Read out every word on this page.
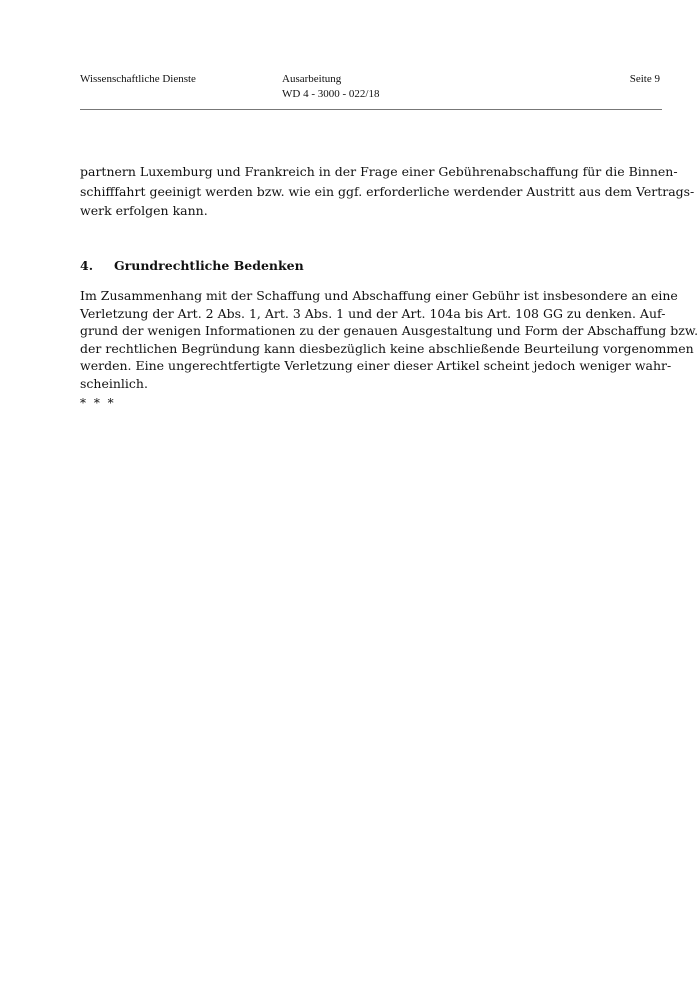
Wissenschaftliche Dienste	Ausarbeitung
WD 4 - 3000 - 022/18
Seite 9

partnern Luxemburg und Frankreich in der Frage einer Gebührenabschaffung für die Binnen-
schifffahrt geeinigt werden bzw. wie ein ggf. erforderliche werdender Austritt aus dem Vertrags-
werk erfolgen kann.

4. Grundrechtliche Bedenken

Im Zusammenhang mit der Schaffung und Abschaffung einer Gebühr ist insbesondere an eine
Verletzung der Art. 2 Abs. 1, Art. 3 Abs. 1 und der Art. 104a bis Art. 108 GG zu denken. Auf-
grund der wenigen Informationen zu der genauen Ausgestaltung und Form der Abschaffung bzw.
der rechtlichen Begründung kann diesbezüglich keine abschließende Beurteilung vorgenommen
werden. Eine ungerechtfertigte Verletzung einer dieser Artikel scheint jedoch weniger wahr-
scheinlich.

* * *
